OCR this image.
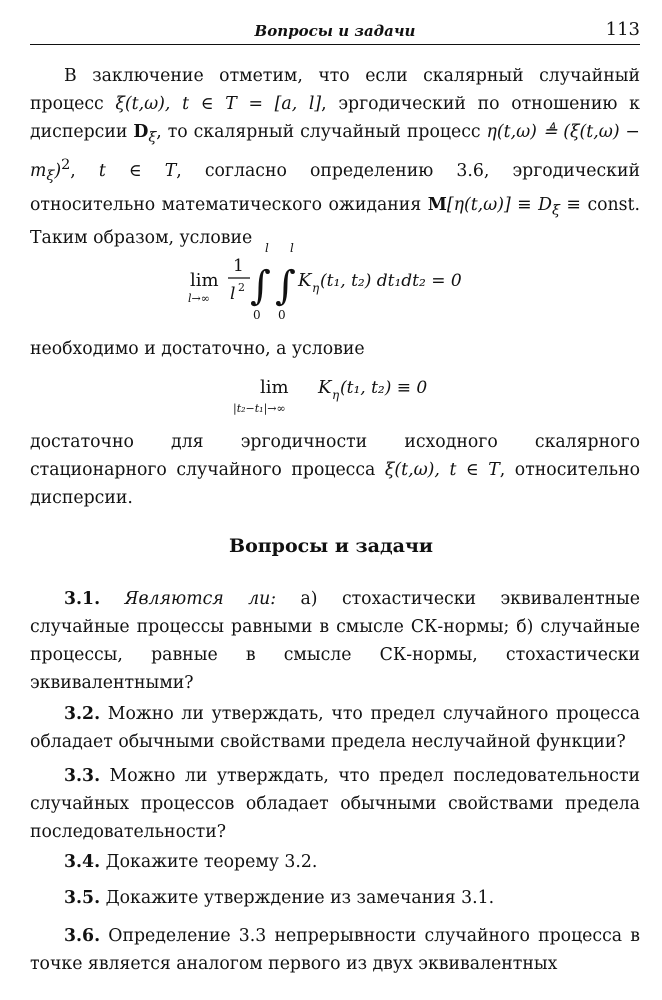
Вопросы и задачи	113
В заключение отметим, что если скалярный случайный процесс ξ(t,ω), t ∈ T = [a, l], эргодический по отношению к дисперсии $D_\xi$, то скалярный случайный процесс η(t,ω) ≜ $(\xi(t,\omega) - m_\xi)^2$, t ∈ T, согласно определению 3.6, эргодический относительно математического ожидания $M[\eta(t,\omega)] \equiv D_\xi$ ≡ const. Таким образом, условие
lim
l→∞
1
l 2 ∫
l
0
∫
l
0
K η (t₁, t₂) dt₁dt₂ = 0
необходимо и достаточно, а условие
lim
|t₂−t₁|→∞
K η (t₁, t₂) ≡ 0
достаточно для эргодичности исходного скалярного стационарного случайного процесса ξ(t,ω), t ∈ T, относительно дисперсии.
Вопросы и задачи
3.1. Являются ли: а) стохастически эквивалентные случайные процессы равными в смысле СК-нормы; б) случайные процессы, равные в смысле СК-нормы, стохастически эквивалентными?
3.2. Можно ли утверждать, что предел случайного процесса обладает обычными свойствами предела неслучайной функции?
3.3. Можно ли утверждать, что предел последовательности случайных процессов обладает обычными свойствами предела последовательности?
3.4. Докажите теорему 3.2.
3.5. Докажите утверждение из замечания 3.1.
3.6. Определение 3.3 непрерывности случайного процесса в точке является аналогом первого из двух эквивалентных
